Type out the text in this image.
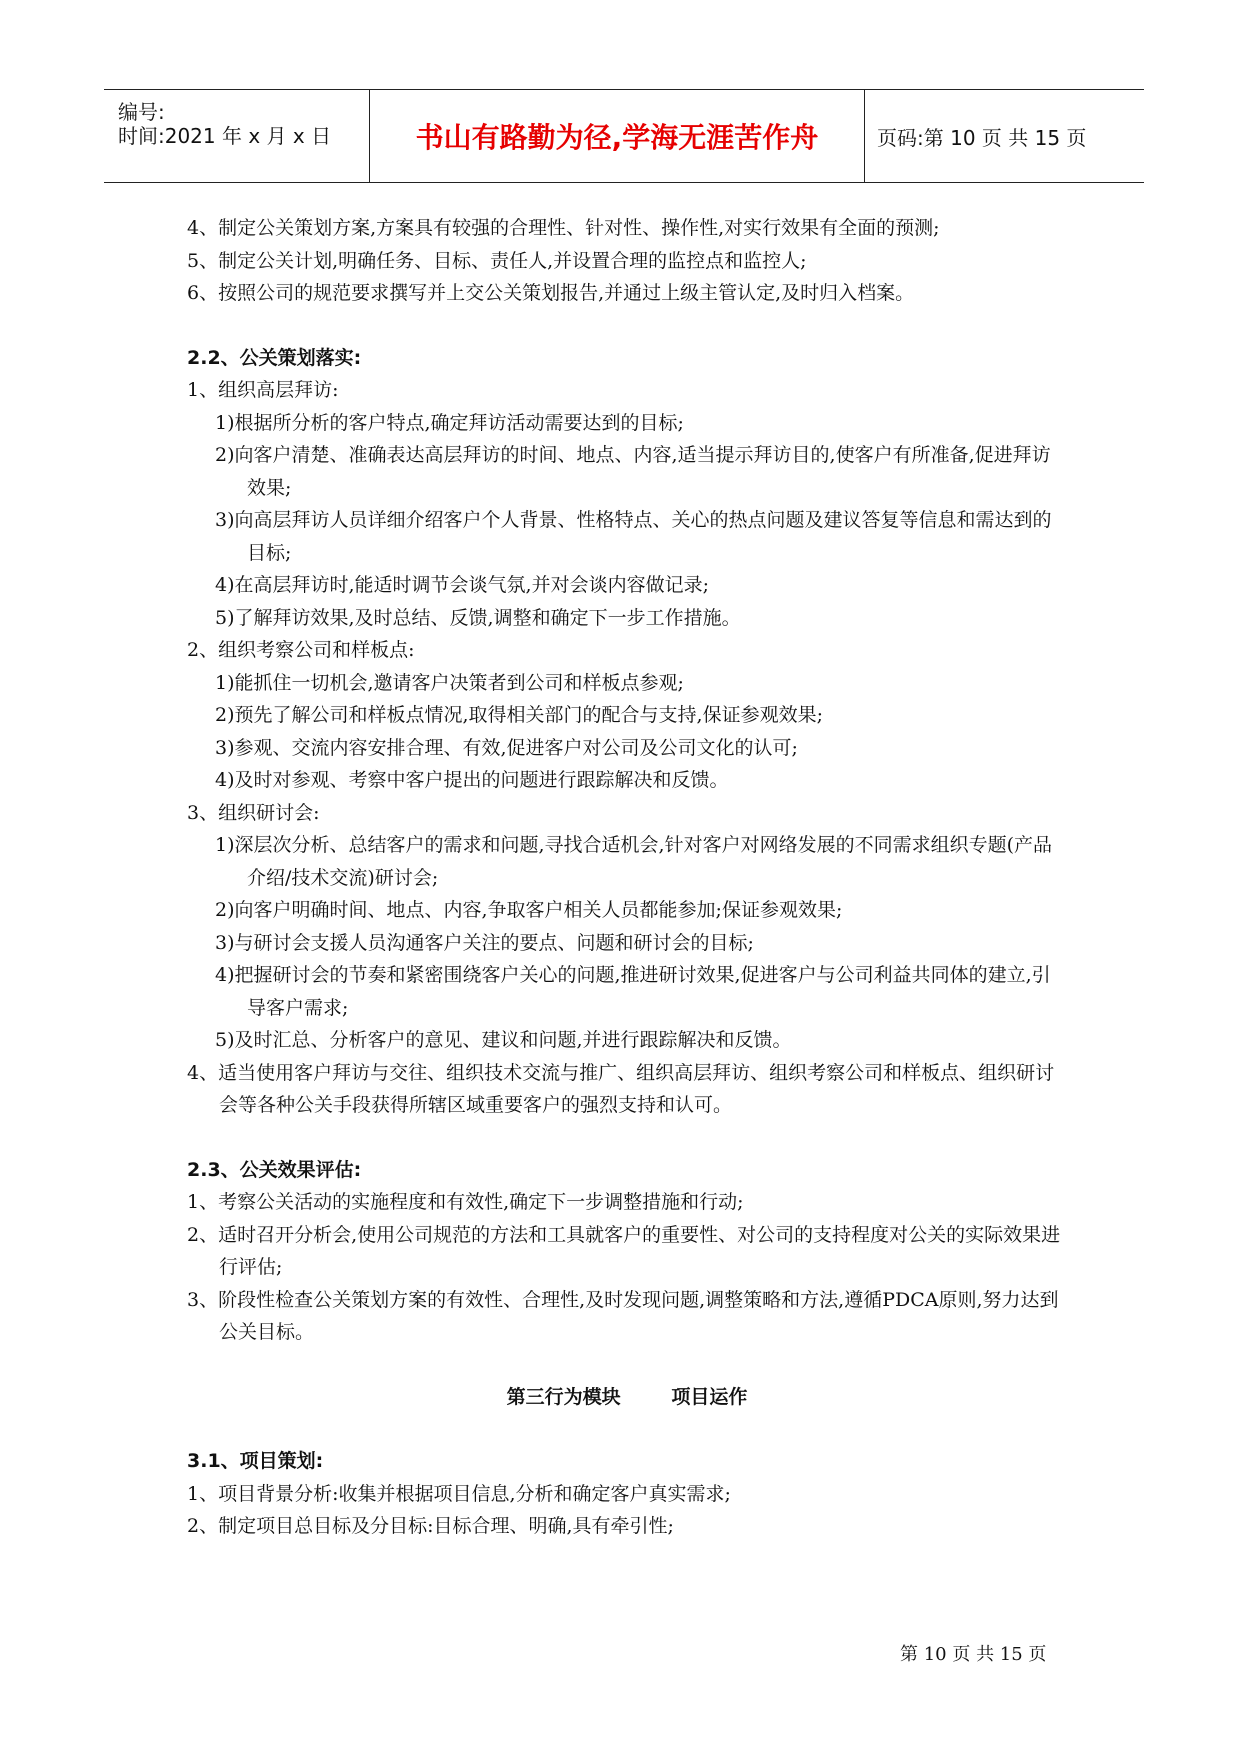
编号:
时间:2021 年 x 月 x 日	书山有路勤为径,学海无涯苦作舟	页码:第 10 页 共 15 页
4、制定公关策划方案,方案具有较强的合理性、针对性、操作性,对实行效果有全面的预测;
5、制定公关计划,明确任务、目标、责任人,并设置合理的监控点和监控人;
6、按照公司的规范要求撰写并上交公关策划报告,并通过上级主管认定,及时归入档案。
2.2、公关策划落实:
1、组织高层拜访:
1)根据所分析的客户特点,确定拜访活动需要达到的目标;
2)向客户清楚、准确表达高层拜访的时间、地点、内容,适当提示拜访目的,使客户有所准备,促进拜访效果;
3)向高层拜访人员详细介绍客户个人背景、性格特点、关心的热点问题及建议答复等信息和需达到的目标;
4)在高层拜访时,能适时调节会谈气氛,并对会谈内容做记录;
5)了解拜访效果,及时总结、反馈,调整和确定下一步工作措施。
2、组织考察公司和样板点:
1)能抓住一切机会,邀请客户决策者到公司和样板点参观;
2)预先了解公司和样板点情况,取得相关部门的配合与支持,保证参观效果;
3)参观、交流内容安排合理、有效,促进客户对公司及公司文化的认可;
4)及时对参观、考察中客户提出的问题进行跟踪解决和反馈。
3、组织研讨会:
1)深层次分析、总结客户的需求和问题,寻找合适机会,针对客户对网络发展的不同需求组织专题(产品介绍/技术交流)研讨会;
2)向客户明确时间、地点、内容,争取客户相关人员都能参加;保证参观效果;
3)与研讨会支援人员沟通客户关注的要点、问题和研讨会的目标;
4)把握研讨会的节奏和紧密围绕客户关心的问题,推进研讨效果,促进客户与公司利益共同体的建立,引导客户需求;
5)及时汇总、分析客户的意见、建议和问题,并进行跟踪解决和反馈。
4、适当使用客户拜访与交往、组织技术交流与推广、组织高层拜访、组织考察公司和样板点、组织研讨会等各种公关手段获得所辖区域重要客户的强烈支持和认可。
2.3、公关效果评估:
1、考察公关活动的实施程度和有效性,确定下一步调整措施和行动;
2、适时召开分析会,使用公司规范的方法和工具就客户的重要性、对公司的支持程度对公关的实际效果进行评估;
3、阶段性检查公关策划方案的有效性、合理性,及时发现问题,调整策略和方法,遵循PDCA原则,努力达到公关目标。
第三行为模块	项目运作
3.1、项目策划:
1、项目背景分析:收集并根据项目信息,分析和确定客户真实需求;
2、制定项目总目标及分目标:目标合理、明确,具有牵引性;
第 10 页 共 15 页
